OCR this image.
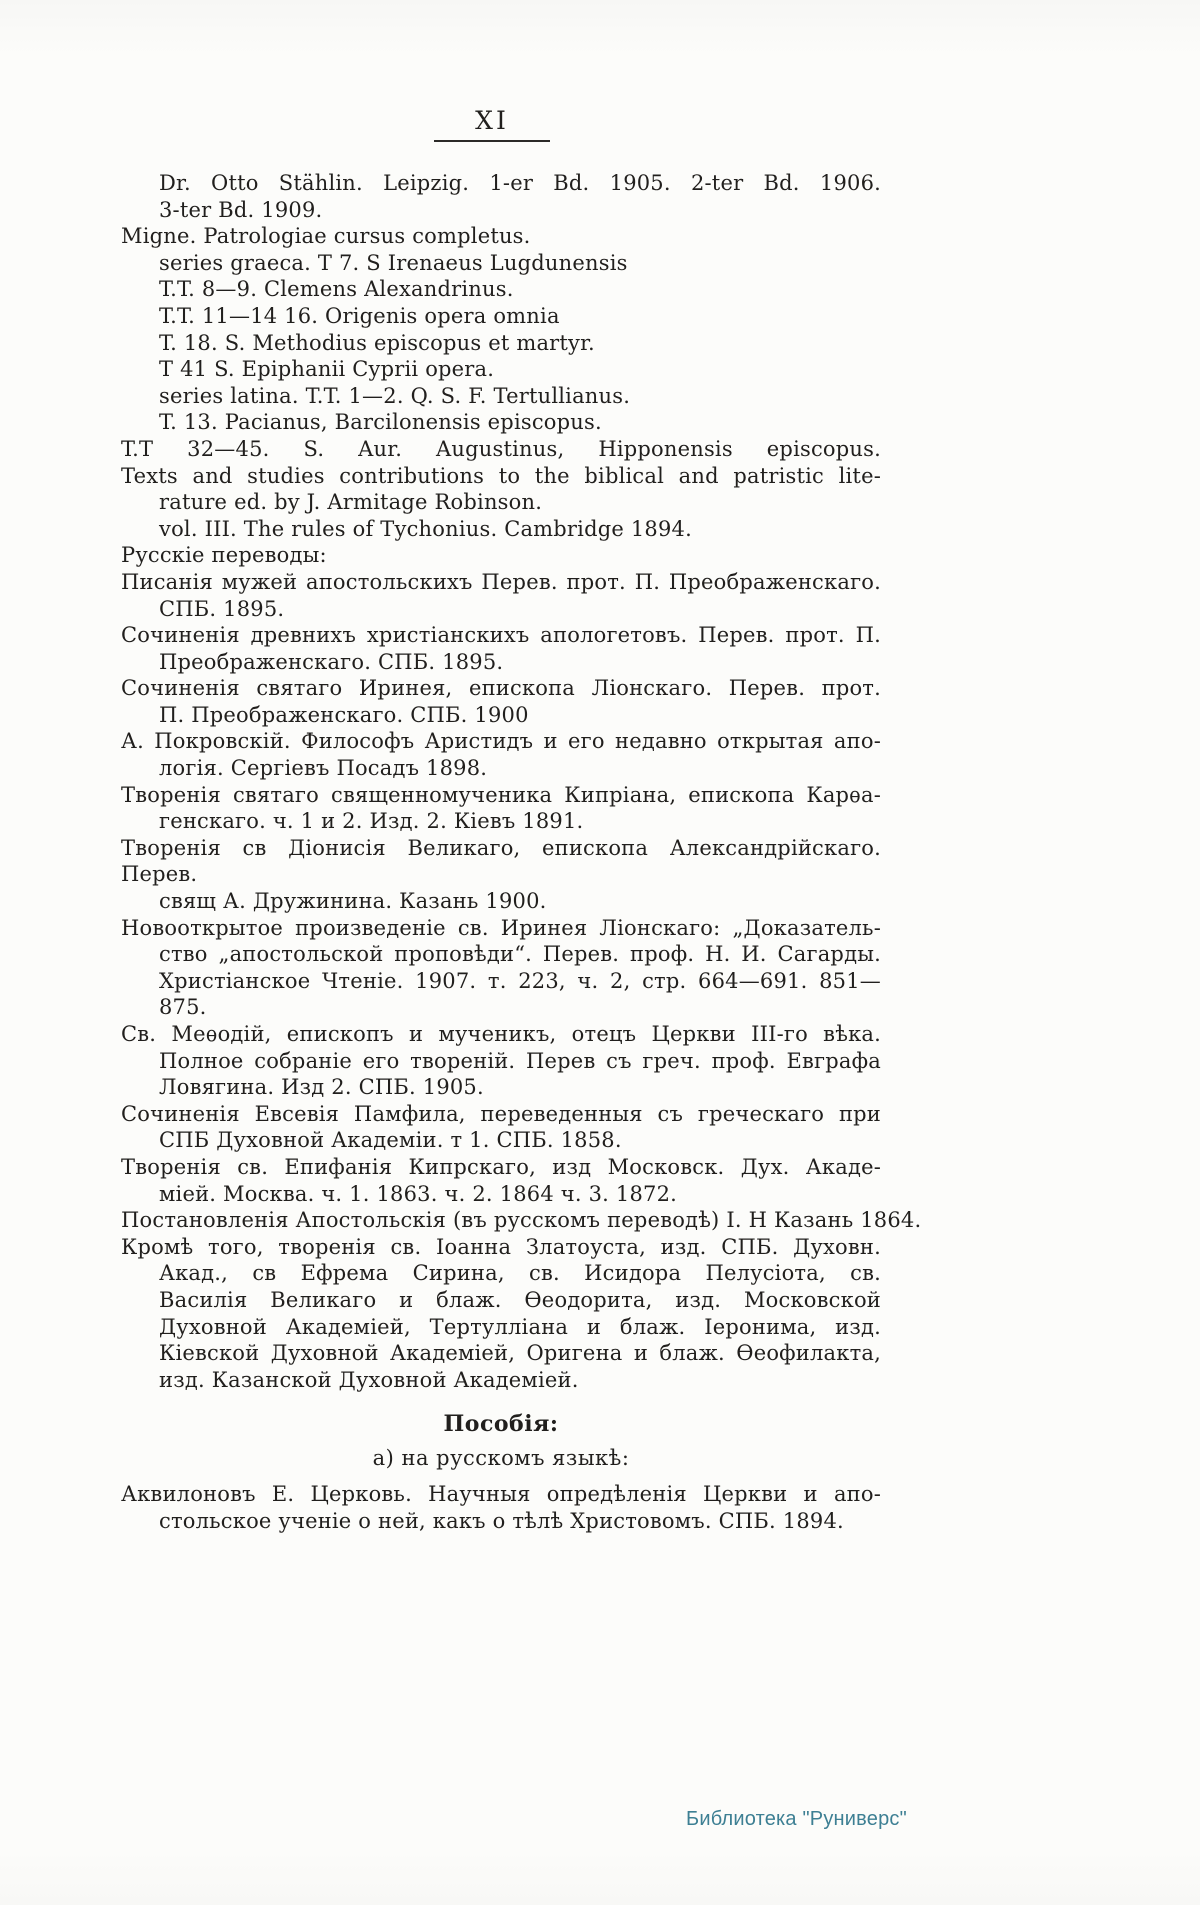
XI
Dr. Otto Stählin. Leipzig. 1-er Bd. 1905. 2-ter Bd. 1906.
3-ter Bd. 1909.
Migne. Patrologiae cursus completus.
series graeca. T 7. S Irenaeus Lugdunensis
T.T. 8—9. Clemens Alexandrinus.
T.T. 11—14 16. Origenis opera omnia
T. 18. S. Methodius episcopus et martyr.
T 41 S. Epiphanii Cyprii opera.
series latina. T.T. 1—2. Q. S. F. Tertullianus.
T. 13. Pacianus, Barcilonensis episcopus.
T.T 32—45. S. Aur. Augustinus, Hipponensis episcopus.
Texts and studies contributions to the biblical and patristic lite-
rature ed. by J. Armitage Robinson.
vol. III. The rules of Tychonius. Cambridge 1894.
Русскіе переводы:
Писанія мужей апостольскихъ Перев. прот. П. Преображенскаго.
СПБ. 1895.
Сочиненія древнихъ христіанскихъ апологетовъ. Перев. прот. П.
Преображенскаго. СПБ. 1895.
Сочиненія святаго Иринея, епископа Ліонскаго. Перев. прот.
П. Преображенскаго. СПБ. 1900
А. Покровскій. Философъ Аристидъ и его недавно открытая апо-
логія. Сергіевъ Посадъ 1898.
Творенія святаго священномученика Кипріана, епископа Карѳа-
генскаго. ч. 1 и 2. Изд. 2. Кіевъ 1891.
Творенія св Діонисія Великаго, епископа Александрійскаго. Перев.
свящ А. Дружинина. Казань 1900.
Новооткрытое произведеніе св. Иринея Ліонскаго: „Доказатель-
ство „апостольской проповѣди“. Перев. проф. Н. И. Сагарды.
Христіанское Чтеніе. 1907. т. 223, ч. 2, стр. 664—691. 851—875.
Св. Меѳодій, епископъ и мученикъ, отецъ Церкви III-го вѣка.
Полное собраніе его твореній. Перев съ греч. проф. Евграфа
Ловягина. Изд 2. СПБ. 1905.
Сочиненія Евсевія Памфила, переведенныя съ греческаго при
СПБ Духовной Академіи. т 1. СПБ. 1858.
Творенія св. Епифанія Кипрскаго, изд Московск. Дух. Акаде-
міей. Москва. ч. 1. 1863. ч. 2. 1864 ч. 3. 1872.
Постановленія Апостольскія (въ русскомъ переводѣ) I. Н Казань 1864.
Кромѣ того, творенія св. Іоанна Златоуста, изд. СПБ. Духовн.
Акад., св Ефрема Сирина, св. Исидора Пелусіота, св.
Василія Великаго и блаж. Ѳеодорита, изд. Московской
Духовной Академіей, Тертулліана и блаж. Іеронима, изд.
Кіевской Духовной Академіей, Оригена и блаж. Ѳеофилакта,
изд. Казанской Духовной Академіей.
Пособія:
а) на русскомъ языкѣ:
Аквилоновъ Е. Церковь. Научныя опредѣленія Церкви и апо-
стольское ученіе о ней, какъ о тѣлѣ Христовомъ. СПБ. 1894.
Библиотека "Руниверс"
